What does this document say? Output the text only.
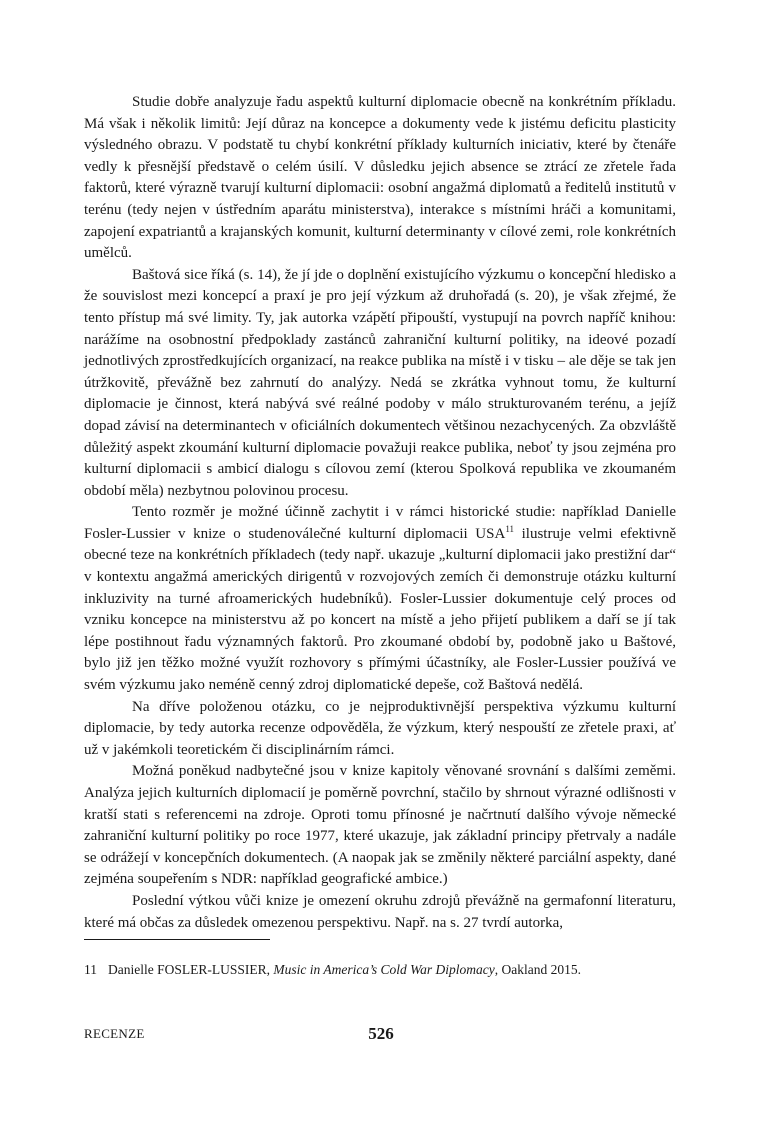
Studie dobře analyzuje řadu aspektů kulturní diplomacie obecně na konkrétním příkladu. Má však i několik limitů: Její důraz na koncepce a dokumenty vede k jistému deficitu plasticity výsledného obrazu. V podstatě tu chybí konkrétní příklady kulturních iniciativ, které by čtenáře vedly k přesnější představě o celém úsilí. V důsledku jejich absence se ztrácí ze zřetele řada faktorů, které výrazně tvarují kulturní diplomacii: osobní angažmá diplomatů a ředitelů institutů v terénu (tedy nejen v ústředním aparátu ministerstva), interakce s místními hráči a komunitami, zapojení expatriantů a krajanských komunit, kulturní determinanty v cílové zemi, role konkrétních umělců.

Baštová sice říká (s. 14), že jí jde o doplnění existujícího výzkumu o koncepční hledisko a že souvislost mezi koncepcí a praxí je pro její výzkum až druhořadá (s. 20), je však zřejmé, že tento přístup má své limity. Ty, jak autorka vzápětí připouští, vystupují na povrch napříč knihou: narážíme na osobnostní předpoklady zastánců zahraniční kulturní politiky, na ideové pozadí jednotlivých zprostředkujících organizací, na reakce publika na místě i v tisku – ale děje se tak jen útržkovitě, převážně bez zahrnutí do analýzy. Nedá se zkrátka vyhnout tomu, že kulturní diplomacie je činnost, která nabývá své reálné podoby v málo strukturovaném terénu, a jejíž dopad závisí na determinantech v oficiálních dokumentech většinou nezachycených. Za obzvláště důležitý aspekt zkoumání kulturní diplomacie považuji reakce publika, neboť ty jsou zejména pro kulturní diplomacii s ambicí dialogu s cílovou zemí (kterou Spolková republika ve zkoumaném období měla) nezbytnou polovinou procesu.

Tento rozměr je možné účinně zachytit i v rámci historické studie: například Danielle Fosler-Lussier v knize o studenoválečné kulturní diplomacii USA$^{11}$ ilustruje velmi efektivně obecné teze na konkrétních příkladech (tedy např. ukazuje „kulturní diplomacii jako prestižní dar“ v kontextu angažmá amerických dirigentů v rozvojových zemích či demonstruje otázku kulturní inkluzivity na turné afroamerických hudebníků). Fosler-Lussier dokumentuje celý proces od vzniku koncepce na ministerstvu až po koncert na místě a jeho přijetí publikem a daří se jí tak lépe postihnout řadu významných faktorů. Pro zkoumané období by, podobně jako u Baštové, bylo již jen těžko možné využít rozhovory s přímými účastníky, ale Fosler-Lussier používá ve svém výzkumu jako neméně cenný zdroj diplomatické depeše, což Baštová nedělá.

Na dříve položenou otázku, co je nejproduktivnější perspektiva výzkumu kulturní diplomacie, by tedy autorka recenze odpověděla, že výzkum, který nespouští ze zřetele praxi, ať už v jakémkoli teoretickém či disciplinárním rámci.

Možná poněkud nadbytečné jsou v knize kapitoly věnované srovnání s dalšími zeměmi. Analýza jejich kulturních diplomacií je poměrně povrchní, stačilo by shrnout výrazné odlišnosti v kratší stati s referencemi na zdroje. Oproti tomu přínosné je načrtnutí dalšího vývoje německé zahraniční kulturní politiky po roce 1977, které ukazuje, jak základní principy přetrvaly a nadále se odrážejí v koncepčních dokumentech. (A naopak jak se změnily některé parciální aspekty, dané zejména soupeřením s NDR: například geografické ambice.)

Poslední výtkou vůči knize je omezení okruhu zdrojů převážně na germafonní literaturu, které má občas za důsledek omezenou perspektivu. Např. na s. 27 tvrdí autorka,

11 Danielle FOSLER-LUSSIER, Music in America’s Cold War Diplomacy, Oakland 2015.
RECENZE	526
